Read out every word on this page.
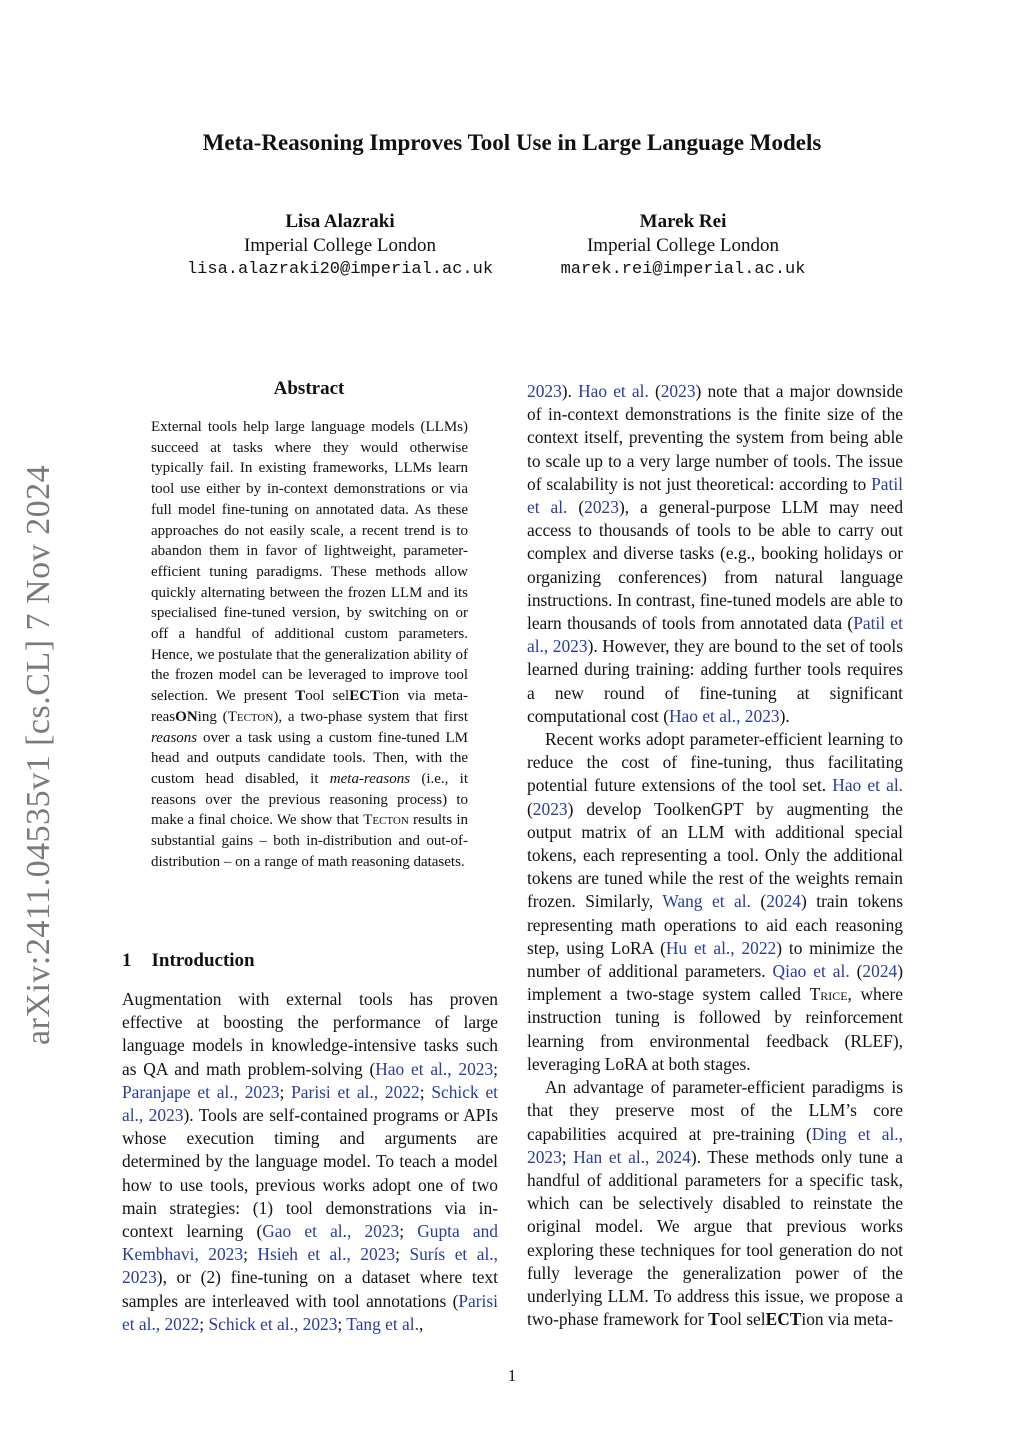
arXiv:2411.04535v1 [cs.CL] 7 Nov 2024
Meta-Reasoning Improves Tool Use in Large Language Models
Lisa Alazraki
Imperial College London
lisa.alazraki20@imperial.ac.uk
Marek Rei
Imperial College London
marek.rei@imperial.ac.uk
Abstract
External tools help large language models (LLMs) succeed at tasks where they would otherwise typically fail. In existing frameworks, LLMs learn tool use either by in-context demonstrations or via full model fine-tuning on annotated data. As these approaches do not easily scale, a recent trend is to abandon them in favor of lightweight, parameter-efficient tuning paradigms. These methods allow quickly alternating between the frozen LLM and its specialised fine-tuned version, by switching on or off a handful of additional custom parameters. Hence, we postulate that the generalization ability of the frozen model can be leveraged to improve tool selection. We present Tool selECTion via meta-reasONing (Tecton), a two-phase system that first reasons over a task using a custom fine-tuned LM head and outputs candidate tools. Then, with the custom head disabled, it meta-reasons (i.e., it reasons over the previous reasoning process) to make a final choice. We show that Tecton results in substantial gains – both in-distribution and out-of-distribution – on a range of math reasoning datasets.
1 Introduction
Augmentation with external tools has proven effective at boosting the performance of large language models in knowledge-intensive tasks such as QA and math problem-solving (Hao et al., 2023; Paranjape et al., 2023; Parisi et al., 2022; Schick et al., 2023). Tools are self-contained programs or APIs whose execution timing and arguments are determined by the language model. To teach a model how to use tools, previous works adopt one of two main strategies: (1) tool demonstrations via in-context learning (Gao et al., 2023; Gupta and Kembhavi, 2023; Hsieh et al., 2023; Surís et al., 2023), or (2) fine-tuning on a dataset where text samples are interleaved with tool annotations (Parisi et al., 2022; Schick et al., 2023; Tang et al.,

2023). Hao et al. (2023) note that a major downside of in-context demonstrations is the finite size of the context itself, preventing the system from being able to scale up to a very large number of tools. The issue of scalability is not just theoretical: according to Patil et al. (2023), a general-purpose LLM may need access to thousands of tools to be able to carry out complex and diverse tasks (e.g., booking holidays or organizing conferences) from natural language instructions. In contrast, fine-tuned models are able to learn thousands of tools from annotated data (Patil et al., 2023). However, they are bound to the set of tools learned during training: adding further tools requires a new round of fine-tuning at significant computational cost (Hao et al., 2023).

Recent works adopt parameter-efficient learning to reduce the cost of fine-tuning, thus facilitating potential future extensions of the tool set. Hao et al. (2023) develop ToolkenGPT by augmenting the output matrix of an LLM with additional special tokens, each representing a tool. Only the additional tokens are tuned while the rest of the weights remain frozen. Similarly, Wang et al. (2024) train tokens representing math operations to aid each reasoning step, using LoRA (Hu et al., 2022) to minimize the number of additional parameters. Qiao et al. (2024) implement a two-stage system called Trice, where instruction tuning is followed by reinforcement learning from environmental feedback (RLEF), leveraging LoRA at both stages.

An advantage of parameter-efficient paradigms is that they preserve most of the LLM’s core capabilities acquired at pre-training (Ding et al., 2023; Han et al., 2024). These methods only tune a handful of additional parameters for a specific task, which can be selectively disabled to reinstate the original model. We argue that previous works exploring these techniques for tool generation do not fully leverage the generalization power of the underlying LLM. To address this issue, we propose a two-phase framework for Tool selECTion via meta-

1
